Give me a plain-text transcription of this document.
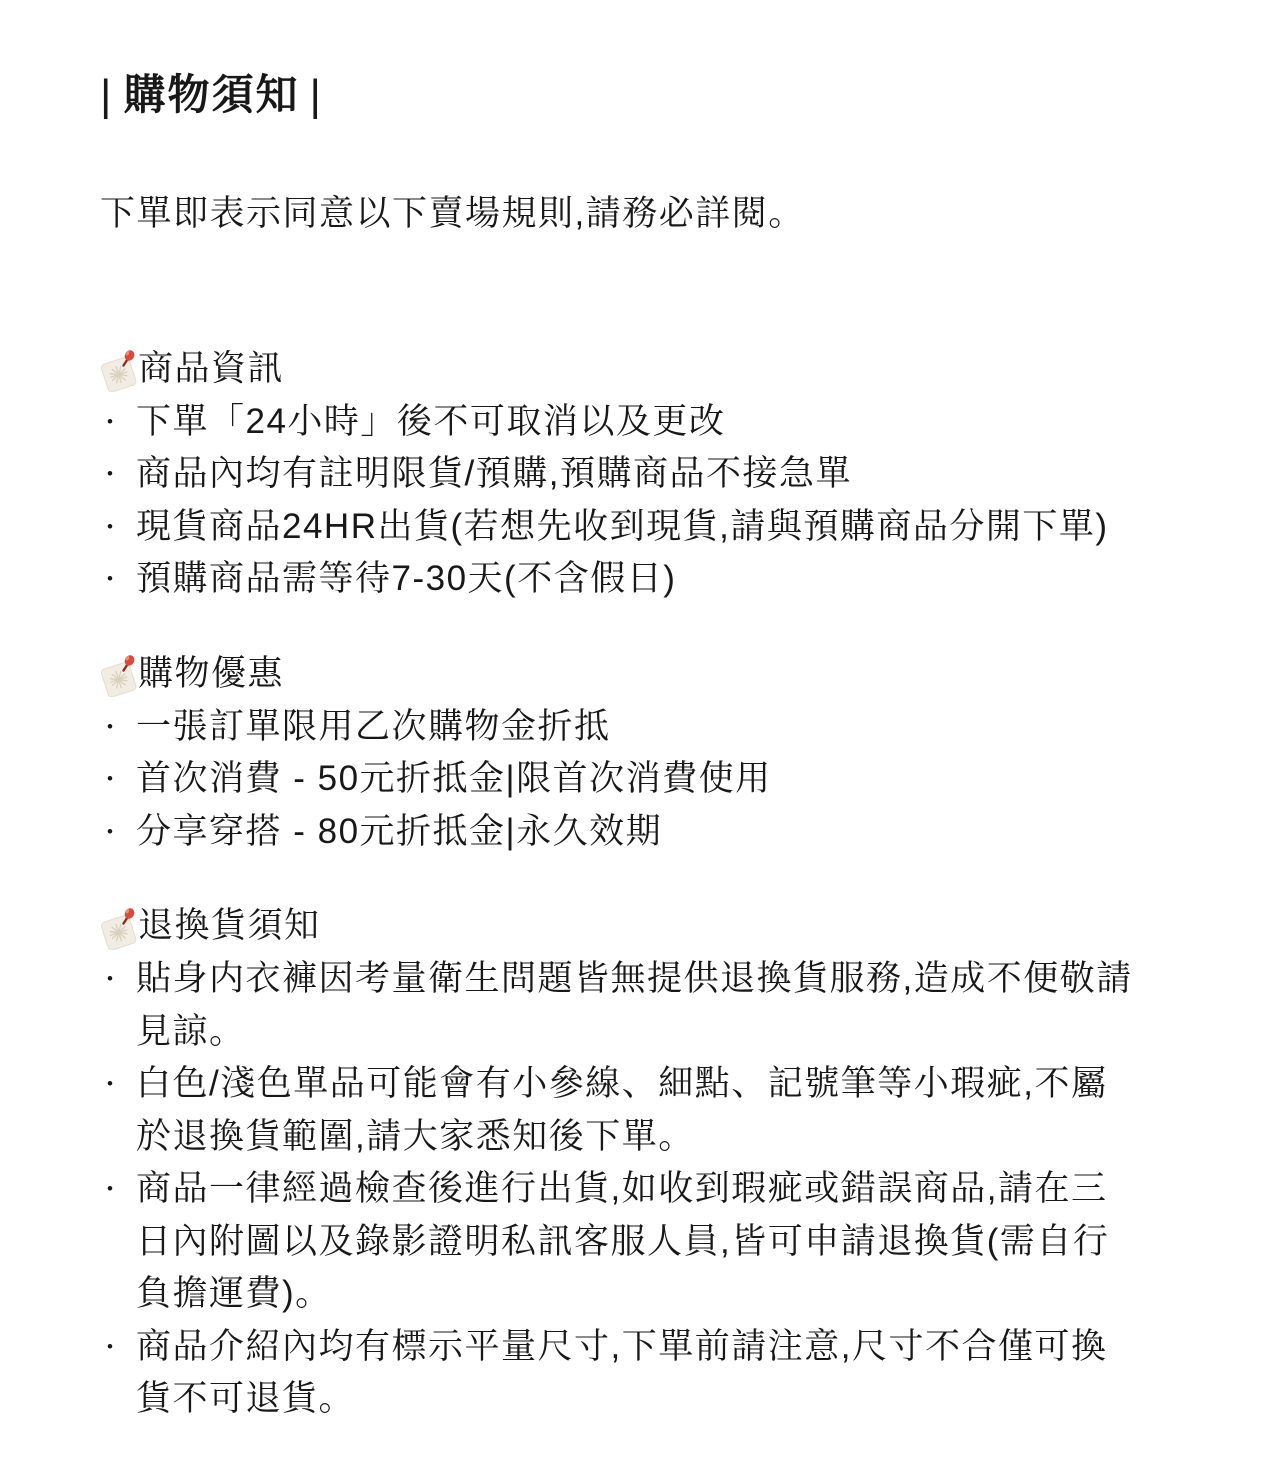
| 購物須知 |
下單即表示同意以下賣場規則,請務必詳閱。
商品資訊
• 下單「24小時」後不可取消以及更改
• 商品內均有註明限貨/預購,預購商品不接急單
• 現貨商品24HR出貨(若想先收到現貨,請與預購商品分開下單)
• 預購商品需等待7-30天(不含假日)
購物優惠
• 一張訂單限用乙次購物金折抵
• 首次消費 - 50元折抵金|限首次消費使用
• 分享穿搭 - 80元折抵金|永久效期
退換貨須知
• 貼身内衣褲因考量衛生問題皆無提供退換貨服務,造成不便敬請見諒。
• 白色/淺色單品可能會有小參線、細點、記號筆等小瑕疵,不屬於退換貨範圍,請大家悉知後下單。
• 商品一律經過檢查後進行出貨,如收到瑕疵或錯誤商品,請在三日內附圖以及錄影證明私訊客服人員,皆可申請退換貨(需自行負擔運費)。
• 商品介紹內均有標示平量尺寸,下單前請注意,尺寸不合僅可換貨不可退貨。
